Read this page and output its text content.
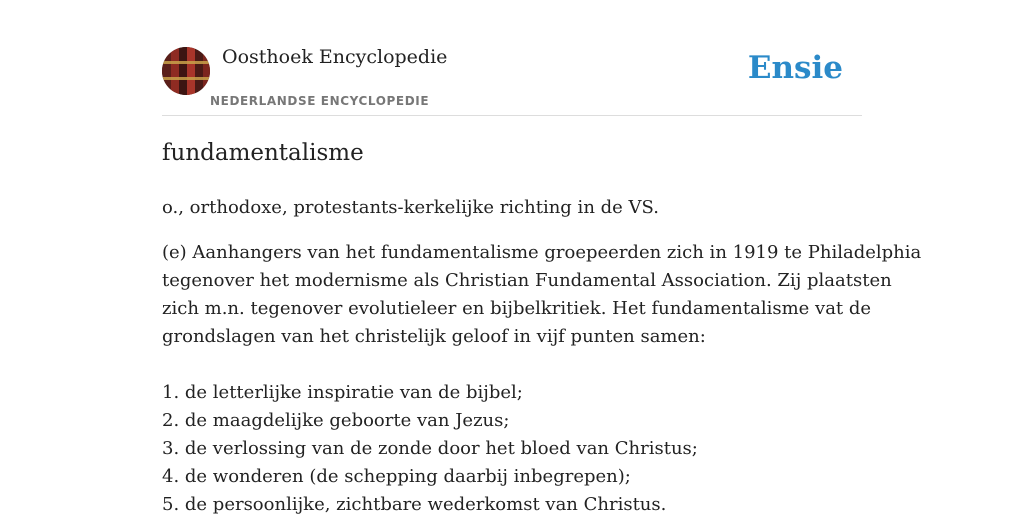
Oosthoek Encyclopedie
NEDERLANDSE ENCYCLOPEDIE
Ensie
fundamentalisme
o., orthodoxe, protestants-kerkelijke richting in de VS.
(e) Aanhangers van het fundamentalisme groepeerden zich in 1919 te Philadelphia
tegenover het modernisme als Christian Fundamental Association. Zij plaatsten
zich m.n. tegenover evolutieleer en bijbelkritiek. Het fundamentalisme vat de
grondslagen van het christelijk geloof in vijf punten samen:
1. de letterlijke inspiratie van de bijbel;
2. de maagdelijke geboorte van Jezus;
3. de verlossing van de zonde door het bloed van Christus;
4. de wonderen (de schepping daarbij inbegrepen);
5. de persoonlijke, zichtbare wederkomst van Christus.
